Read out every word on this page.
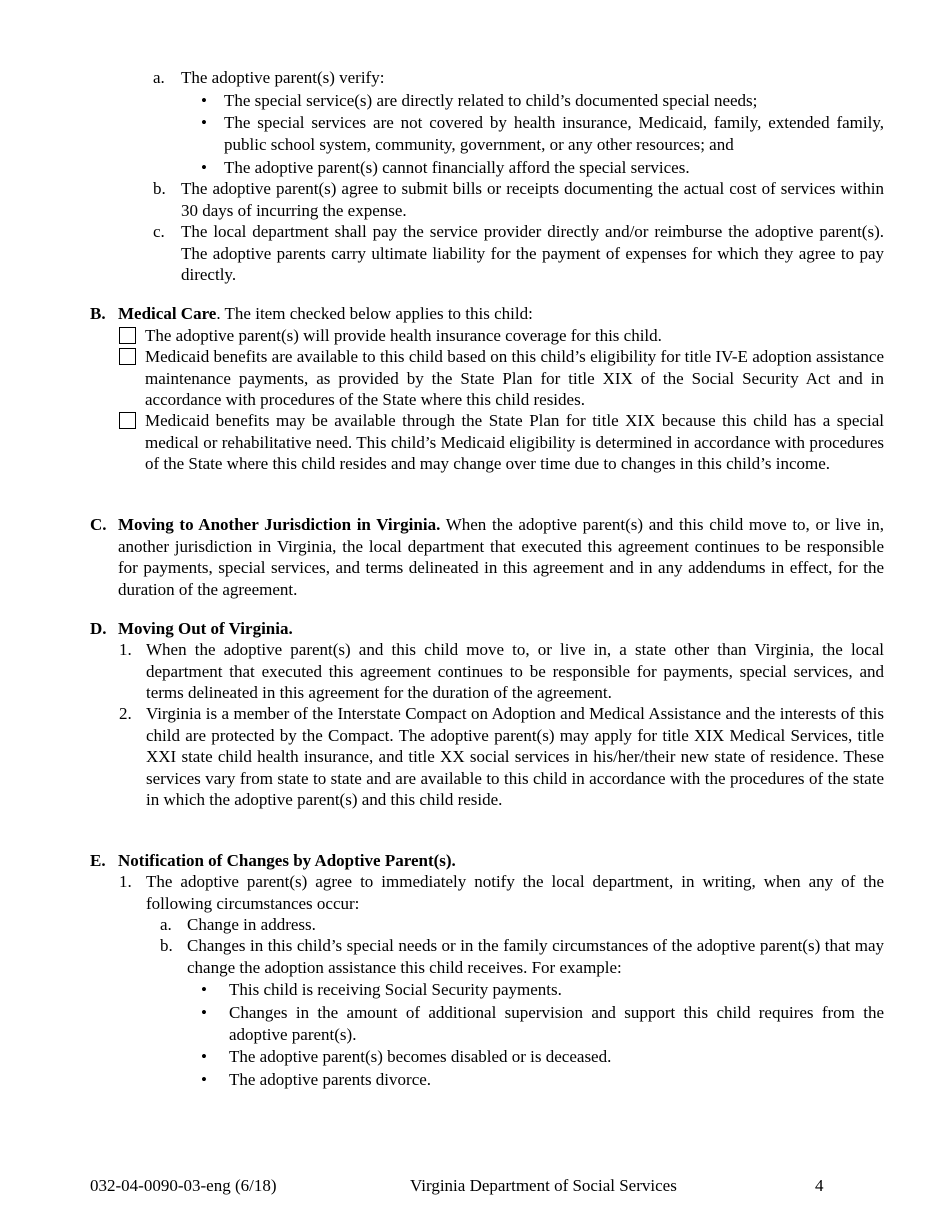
a. The adoptive parent(s) verify:
•	The special service(s) are directly related to child’s documented special needs;
•	The special services are not covered by health insurance, Medicaid, family, extended family, public school system, community, government, or any other resources; and
•	The adoptive parent(s) cannot financially afford the special services.
b. The adoptive parent(s) agree to submit bills or receipts documenting the actual cost of services within 30 days of incurring the expense.
c. The local department shall pay the service provider directly and/or reimburse the adoptive parent(s). The adoptive parents carry ultimate liability for the payment of expenses for which they agree to pay directly.
B. Medical Care. The item checked below applies to this child:
The adoptive parent(s) will provide health insurance coverage for this child.
Medicaid benefits are available to this child based on this child’s eligibility for title IV-E adoption assistance maintenance payments, as provided by the State Plan for title XIX of the Social Security Act and in accordance with procedures of the State where this child resides.
Medicaid benefits may be available through the State Plan for title XIX because this child has a special medical or rehabilitative need. This child’s Medicaid eligibility is determined in accordance with procedures of the State where this child resides and may change over time due to changes in this child’s income.
C. Moving to Another Jurisdiction in Virginia. When the adoptive parent(s) and this child move to, or live in, another jurisdiction in Virginia, the local department that executed this agreement continues to be responsible for payments, special services, and terms delineated in this agreement and in any addendums in effect, for the duration of the agreement.
D. Moving Out of Virginia.
1. When the adoptive parent(s) and this child move to, or live in, a state other than Virginia, the local department that executed this agreement continues to be responsible for payments, special services, and terms delineated in this agreement for the duration of the agreement.
2. Virginia is a member of the Interstate Compact on Adoption and Medical Assistance and the interests of this child are protected by the Compact. The adoptive parent(s) may apply for title XIX Medical Services, title XXI state child health insurance, and title XX social services in his/her/their new state of residence. These services vary from state to state and are available to this child in accordance with the procedures of the state in which the adoptive parent(s) and this child reside.
E. Notification of Changes by Adoptive Parent(s).
1. The adoptive parent(s) agree to immediately notify the local department, in writing, when any of the following circumstances occur:
a. Change in address.
b. Changes in this child’s special needs or in the family circumstances of the adoptive parent(s) that may change the adoption assistance this child receives. For example:
•	This child is receiving Social Security payments.
•	Changes in the amount of additional supervision and support this child requires from the adoptive parent(s).
•	The adoptive parent(s) becomes disabled or is deceased.
•	The adoptive parents divorce.
032-04-0090-03-eng (6/18)	Virginia Department of Social Services	4
